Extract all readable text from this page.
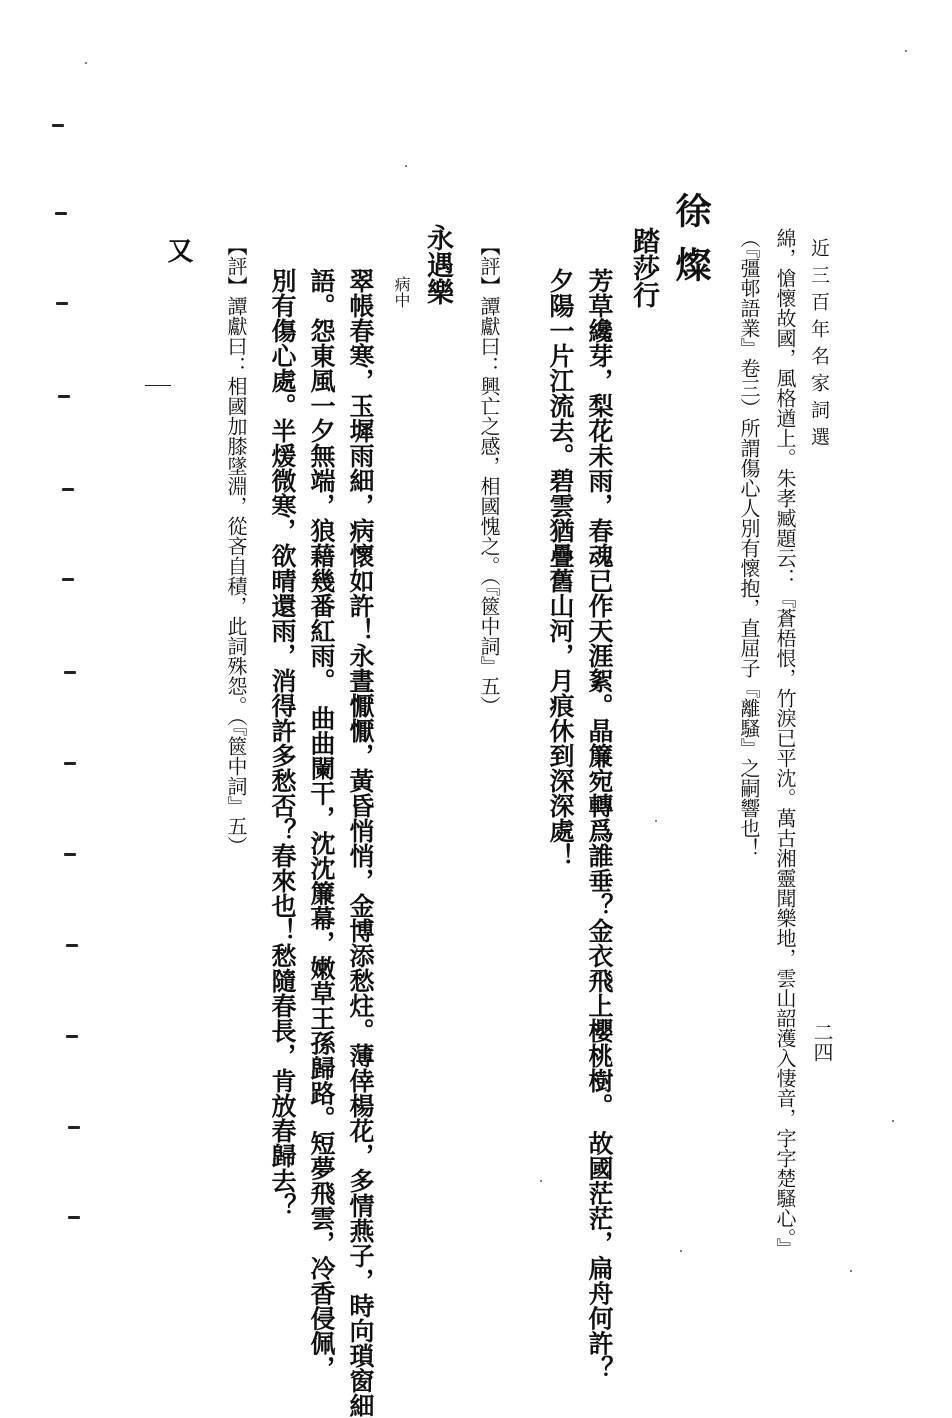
近三百年名家詞選
二四
綿，愴懷故國，風格遒上。朱孝臧題云：『蒼梧恨，竹淚已平沈。萬古湘靈聞樂地，雲山韶濩入悽音，字字楚騷心。』
（『彊邨語業』卷三）所謂傷心人別有懷抱，直屈子『離騷』之嗣響也！
徐燦
踏莎行
芳草纔芽，梨花未雨，春魂已作天涯絮。晶簾宛轉爲誰垂？金衣飛上櫻桃樹。　故國茫茫，扁舟何許？
夕陽一片江流去。碧雲猶疊舊山河，月痕休到深深處！
【評】譚獻曰：興亡之感，相國愧之。（『篋中詞』五）
永遇樂
病中
翠帳春寒，玉墀雨細，病懷如許！永晝懨懨，黃昏悄悄，金博添愁炷。薄倖楊花，多情燕子，時向瑣窗細
語。怨東風一夕無端，狼藉幾番紅雨。　曲曲闌干，沈沈簾幕，嫩草王孫歸路。短夢飛雲，冷香侵佩，
別有傷心處。半煖微寒，欲晴還雨，消得許多愁否？春來也！愁隨春長，肯放春歸去？
【評】譚獻曰：相國加膝墜淵，從吝自積，此詞殊怨。（『篋中詞』五）
又
